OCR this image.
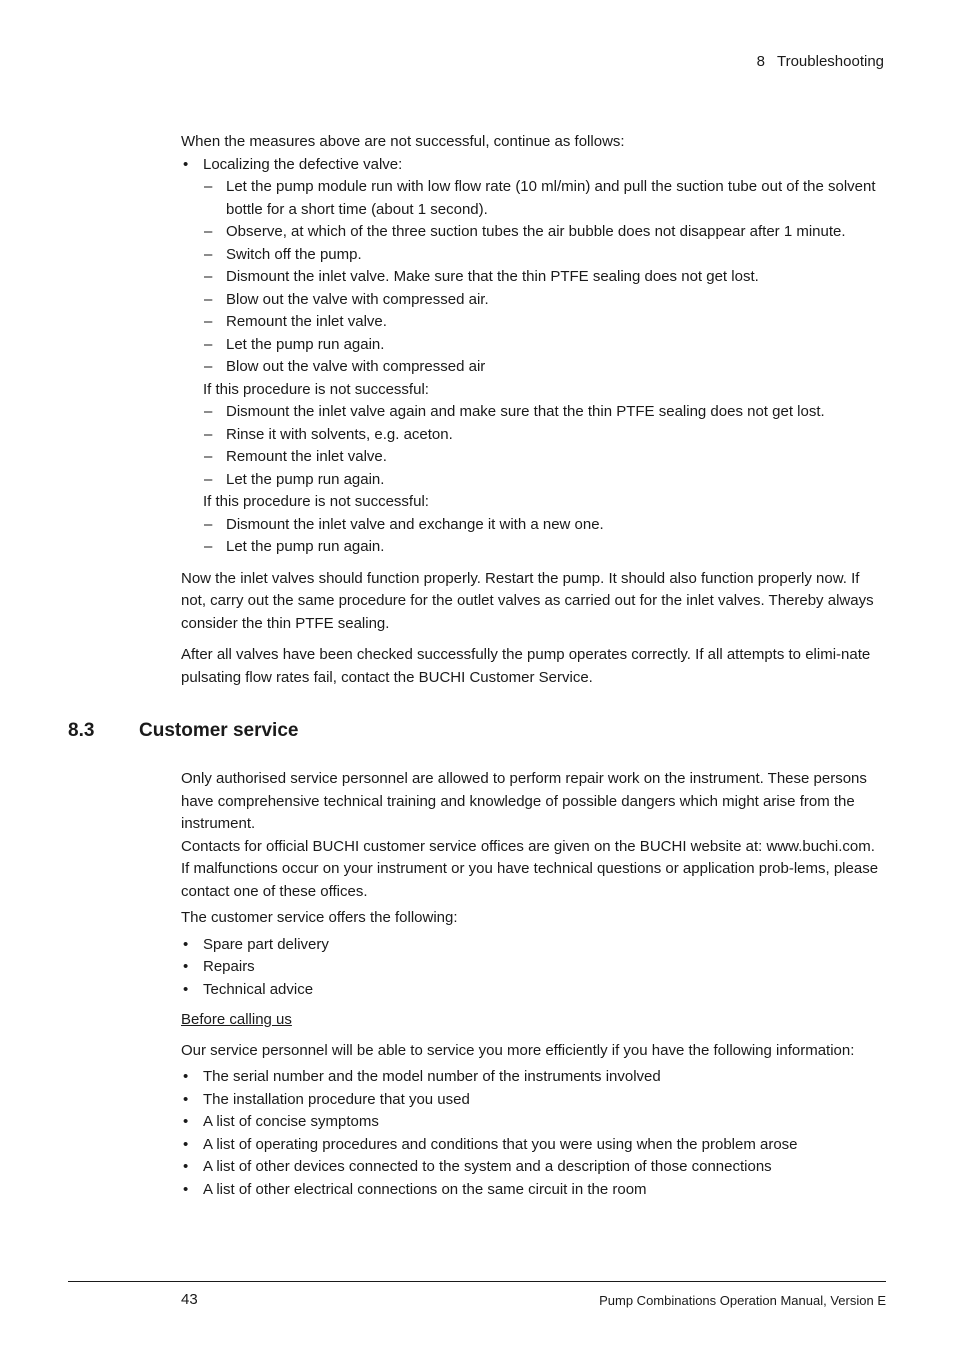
8 Troubleshooting

When the measures above are not successful, continue as follows:

• Localizing the defective valve:
– Let the pump module run with low flow rate (10 ml/min) and pull the suction tube out of the solvent bottle for a short time (about 1 second).
– Observe, at which of the three suction tubes the air bubble does not disappear after 1 minute.
– Switch off the pump.
– Dismount the inlet valve. Make sure that the thin PTFE sealing does not get lost.
– Blow out the valve with compressed air.
– Remount the inlet valve.
– Let the pump run again.
– Blow out the valve with compressed air
If this procedure is not successful:
– Dismount the inlet valve again and make sure that the thin PTFE sealing does not get lost.
– Rinse it with solvents, e.g. aceton.
– Remount the inlet valve.
– Let the pump run again.
If this procedure is not successful:
– Dismount the inlet valve and exchange it with a new one.
– Let the pump run again.

Now the inlet valves should function properly. Restart the pump. It should also function properly now. If not, carry out the same procedure for the outlet valves as carried out for the inlet valves. Thereby always consider the thin PTFE sealing.

After all valves have been checked successfully the pump operates correctly. If all attempts to elimi-nate pulsating flow rates fail, contact the BUCHI Customer Service.

8.3 Customer service

Only authorised service personnel are allowed to perform repair work on the instrument. These persons have comprehensive technical training and knowledge of possible dangers which might arise from the instrument.

Contacts for official BUCHI customer service offices are given on the BUCHI website at: www.buchi.com. If malfunctions occur on your instrument or you have technical questions or application prob-lems, please contact one of these offices.

The customer service offers the following:

• Spare part delivery
• Repairs
• Technical advice

Before calling us

Our service personnel will be able to service you more efficiently if you have the following information:

• The serial number and the model number of the instruments involved
• The installation procedure that you used
• A list of concise symptoms
• A list of operating procedures and conditions that you were using when the problem arose
• A list of other devices connected to the system and a description of those connections
• A list of other electrical connections on the same circuit in the room
43	Pump Combinations Operation Manual, Version E
